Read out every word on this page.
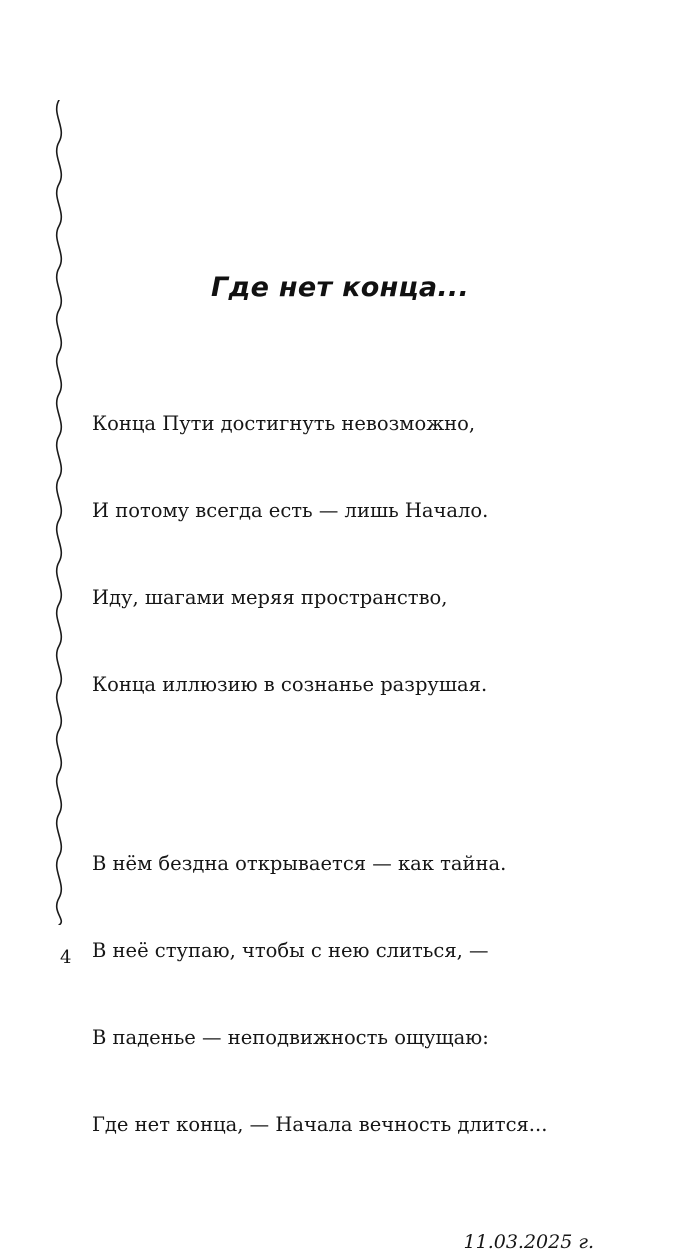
Где нет конца...

Конца Пути достигнуть невозможно,

И потому всегда есть — лишь Начало.

Иду, шагами меряя пространство,

Конца иллюзию в сознанье разрушая.

В нём бездна открывается — как тайна.

В неё ступаю, чтобы с нею слиться, —

В паденье — неподвижность ощущаю:

Где нет конца, — Начала вечность длится...

11.03.2025 г.
4
